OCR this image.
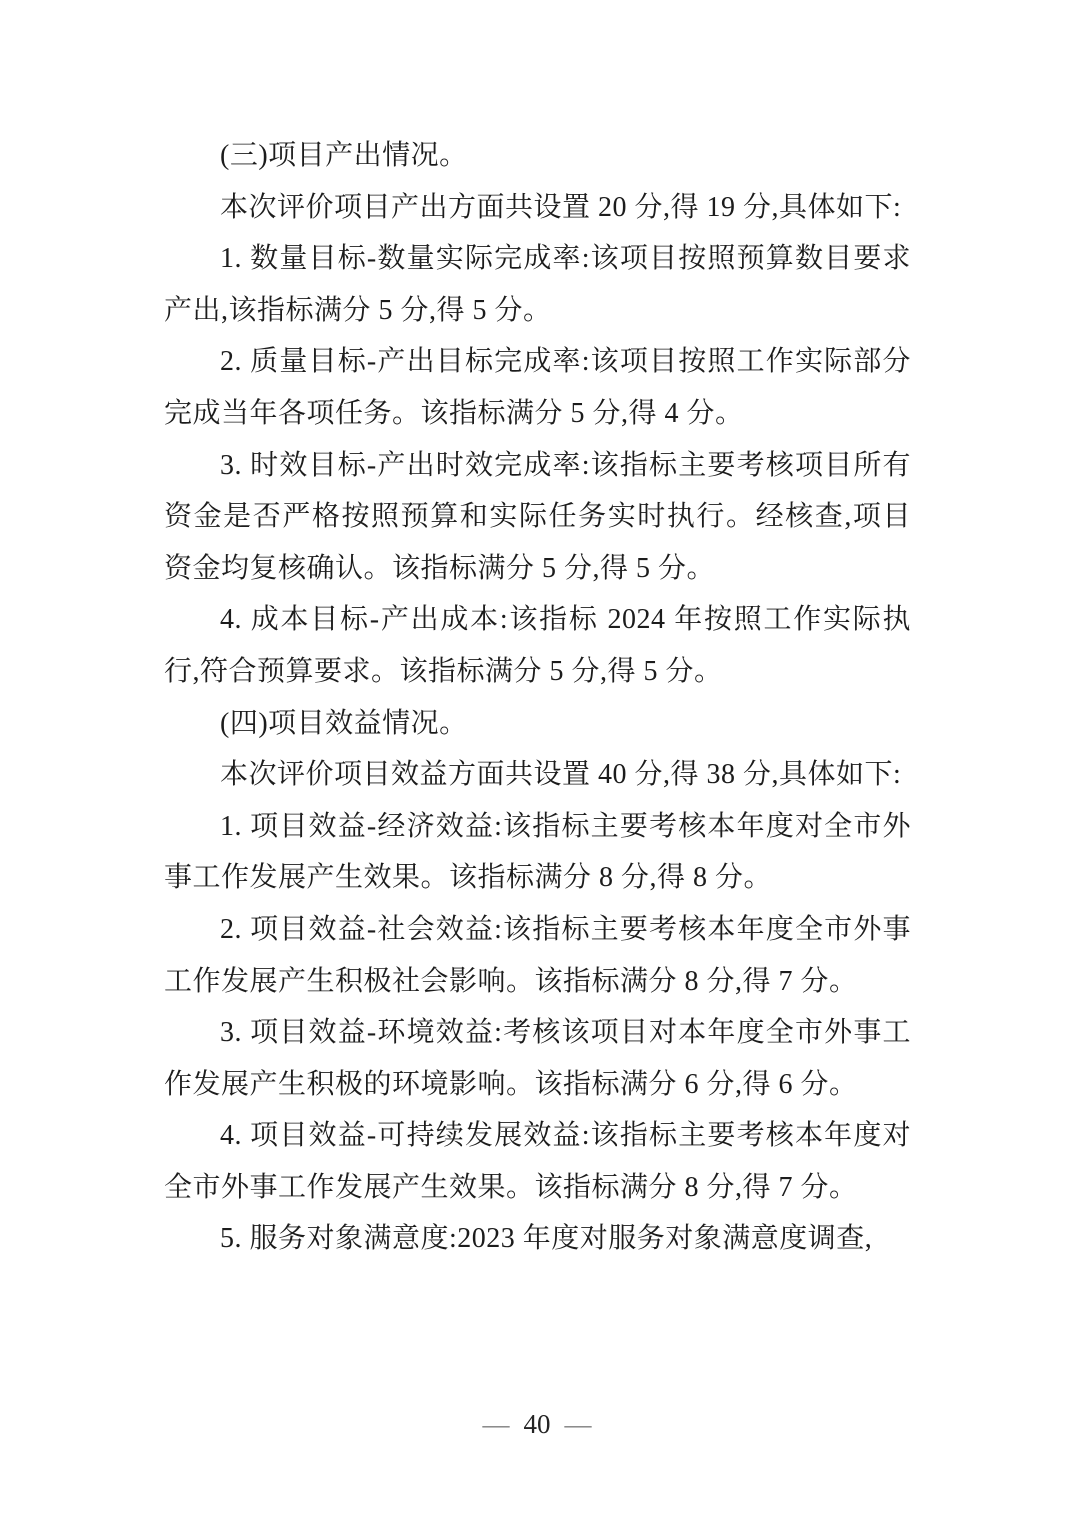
(三)项目产出情况。

本次评价项目产出方面共设置 20 分,得 19 分,具体如下:

1. 数量目标-数量实际完成率:该项目按照预算数目要求产出,该指标满分 5 分,得 5 分。

2. 质量目标-产出目标完成率:该项目按照工作实际部分完成当年各项任务。该指标满分 5 分,得 4 分。

3. 时效目标-产出时效完成率:该指标主要考核项目所有资金是否严格按照预算和实际任务实时执行。经核查,项目资金均复核确认。该指标满分 5 分,得 5 分。

4. 成本目标-产出成本:该指标 2024 年按照工作实际执行,符合预算要求。该指标满分 5 分,得 5 分。

(四)项目效益情况。

本次评价项目效益方面共设置 40 分,得 38 分,具体如下:

1. 项目效益-经济效益:该指标主要考核本年度对全市外事工作发展产生效果。该指标满分 8 分,得 8 分。

2. 项目效益-社会效益:该指标主要考核本年度全市外事工作发展产生积极社会影响。该指标满分 8 分,得 7 分。

3. 项目效益-环境效益:考核该项目对本年度全市外事工作发展产生积极的环境影响。该指标满分 6 分,得 6 分。

4. 项目效益-可持续发展效益:该指标主要考核本年度对全市外事工作发展产生效果。该指标满分 8 分,得 7 分。

5. 服务对象满意度:2023 年度对服务对象满意度调查,

— 40 —
